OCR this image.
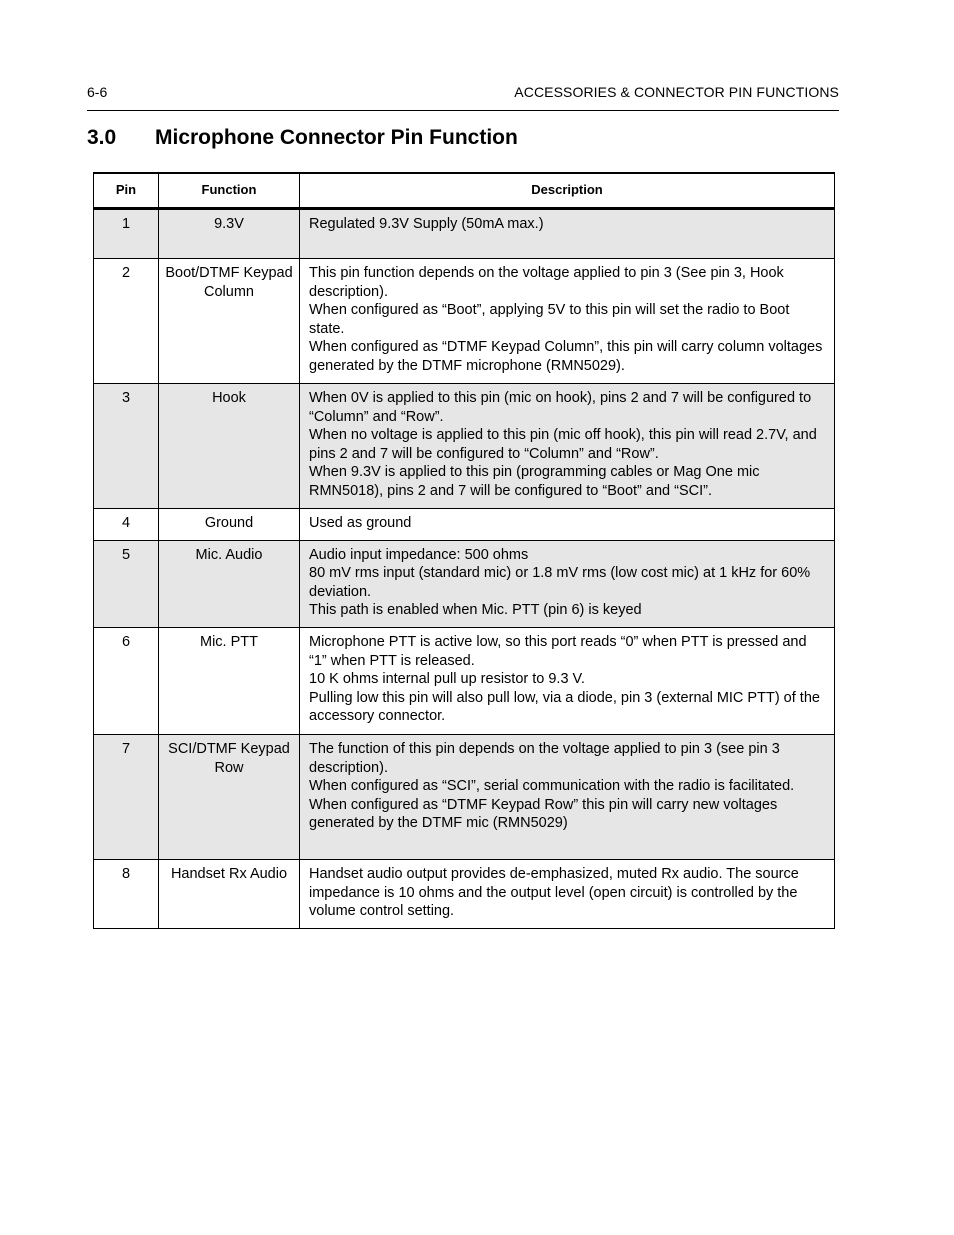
6-6	ACCESSORIES & CONNECTOR PIN FUNCTIONS
3.0 Microphone Connector Pin Function
Pin	Function	Description
1	9.3V	Regulated 9.3V Supply (50mA max.)

2	Boot/DTMF Keypad Column	This pin function depends on the voltage applied to pin 3 (See pin 3, Hook description).
When configured as “Boot”, applying 5V to this pin will set the radio to Boot state.
When configured as “DTMF Keypad Column”, this pin will carry column voltages generated by the DTMF microphone (RMN5029).

3	Hook	When 0V is applied to this pin (mic on hook), pins 2 and 7 will be configured to “Column” and “Row”.
When no voltage is applied to this pin (mic off hook), this pin will read 2.7V, and pins 2 and 7 will be configured to “Column” and “Row”.
When 9.3V is applied to this pin (programming cables or Mag One mic RMN5018), pins 2 and 7 will be configured to “Boot” and “SCI”.

4	Ground	Used as ground

5	Mic. Audio	Audio input impedance: 500 ohms
80 mV rms input (standard mic) or 1.8 mV rms (low cost mic) at 1 kHz for 60% deviation.
This path is enabled when Mic. PTT (pin 6) is keyed

6	Mic. PTT	Microphone PTT is active low, so this port reads “0” when PTT is pressed and “1” when PTT is released.
10 K ohms internal pull up resistor to 9.3 V.
Pulling low this pin will also pull low, via a diode, pin 3 (external MIC PTT) of the accessory connector.

7	SCI/DTMF Keypad Row	The function of this pin depends on the voltage applied to pin 3 (see pin 3 description).
When configured as “SCI”, serial communication with the radio is facilitated.
When configured as “DTMF Keypad Row” this pin will carry new voltages generated by the DTMF mic (RMN5029)

8	Handset Rx Audio	Handset audio output provides de-emphasized, muted Rx audio. The source impedance is 10 ohms and the output level (open circuit) is controlled by the volume control setting.
